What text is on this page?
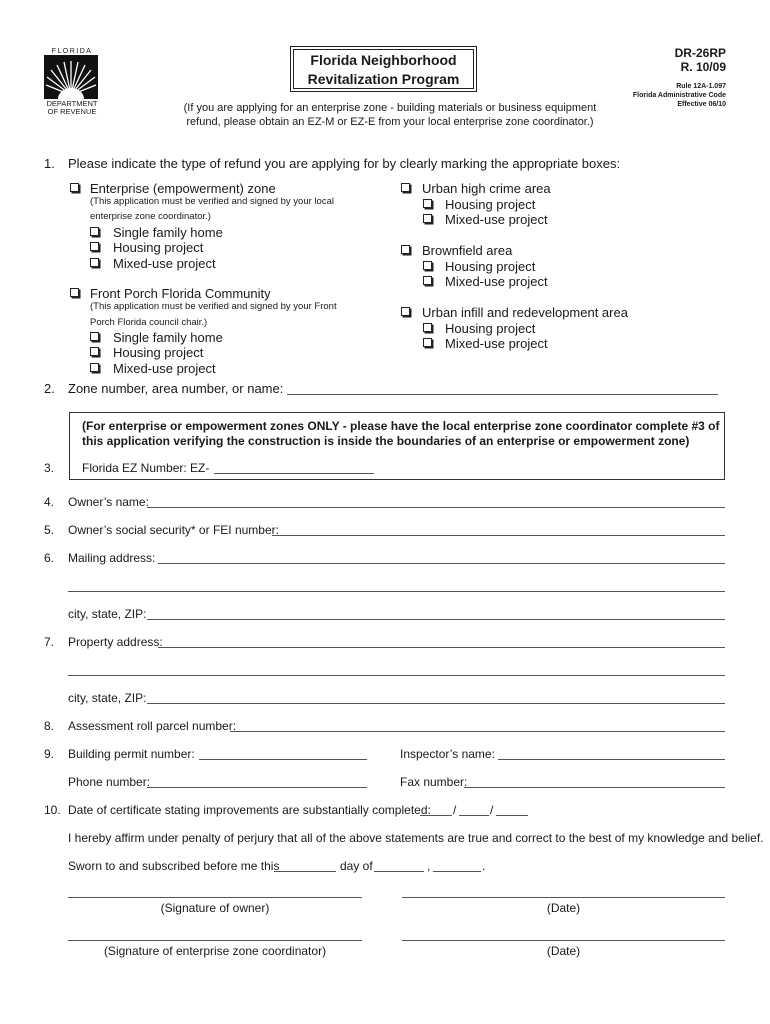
FLORIDA
DEPARTMENT
OF REVENUE
Florida Neighborhood
Revitalization Program
(If you are applying for an enterprise zone - building materials or business equipment
refund, please obtain an EZ-M or EZ-E from your local enterprise zone coordinator.)
DR-26RP
R. 10/09
Rule 12A-1.097
Florida Administrative Code
Effective 06/10
1. Please indicate the type of refund you are applying for by clearly marking the appropriate boxes:
Enterprise (empowerment) zone
(This application must be verified and signed by your local
enterprise zone coordinator.)
Single family home
Housing project
Mixed-use project
Front Porch Florida Community
(This application must be verified and signed by your Front
Porch Florida council chair.)
Single family home
Housing project
Mixed-use project
Urban high crime area
Housing project
Mixed-use project
Brownfield area
Housing project
Mixed-use project
Urban infill and redevelopment area
Housing project
Mixed-use project
2. Zone number, area number, or name:
(For enterprise or empowerment zones ONLY - please have the local enterprise zone coordinator complete #3 of
this application verifying the construction is inside the boundaries of an enterprise or empowerment zone)
3. Florida EZ Number: EZ-
4. Owner’s name:
5. Owner’s social security* or FEI number:
6. Mailing address:
city, state, ZIP:
7. Property address:
city, state, ZIP:
8. Assessment roll parcel number:
9. Building permit number:	Inspector’s name:
Phone number:	Fax number:
10. Date of certificate stating improvements are substantially completed: /	/
I hereby affirm under penalty of perjury that all of the above statements are true and correct to the best of my knowledge and belief.
Sworn to and subscribed before me this	day of	,	.
(Signature of owner)	(Date)
(Signature of enterprise zone coordinator)	(Date)
